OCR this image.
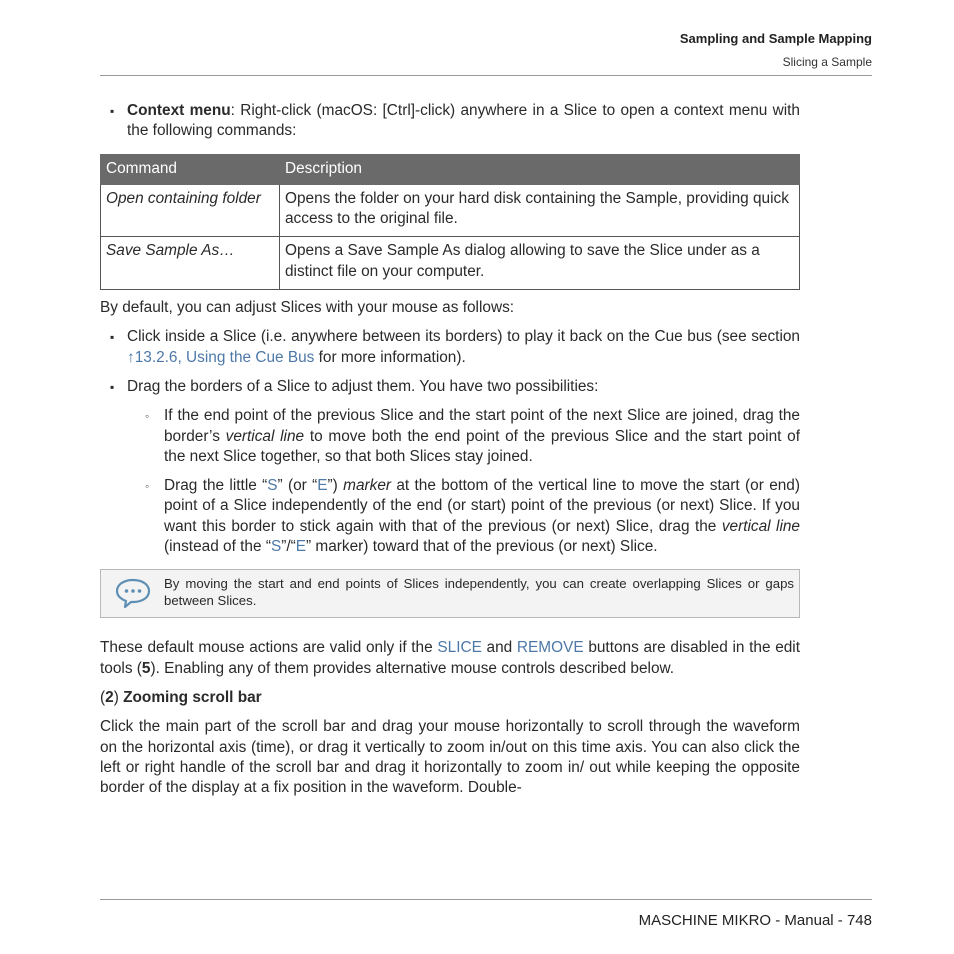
Sampling and Sample Mapping
Slicing a Sample
▪ Context menu: Right-click (macOS: [Ctrl]-click) anywhere in a Slice to open a context menu with the following commands:
Command	Description
Open containing folder	Opens the folder on your hard disk containing the Sample, providing quick access to the original file.
Save Sample As…	Opens a Save Sample As dialog allowing to save the Slice under as a distinct file on your computer.

By default, you can adjust Slices with your mouse as follows:

▪ Click inside a Slice (i.e. anywhere between its borders) to play it back on the Cue bus (see section ↑13.2.6, Using the Cue Bus for more information).
▪ Drag the borders of a Slice to adjust them. You have two possibilities:
◦ If the end point of the previous Slice and the start point of the next Slice are joined, drag the border’s vertical line to move both the end point of the previous Slice and the start point of the next Slice together, so that both Slices stay joined.
◦ Drag the little “S” (or “E”) marker at the bottom of the vertical line to move the start (or end) point of a Slice independently of the end (or start) point of the previous (or next) Slice. If you want this border to stick again with that of the previous (or next) Slice, drag the vertical line (instead of the “S”/“E” marker) toward that of the previous (or next) Slice.
By moving the start and end points of Slices independently, you can create overlapping Slices or gaps between Slices.

These default mouse actions are valid only if the SLICE and REMOVE buttons are disabled in the edit tools (5). Enabling any of them provides alternative mouse controls described below.

(2) Zooming scroll bar

Click the main part of the scroll bar and drag your mouse horizontally to scroll through the waveform on the horizontal axis (time), or drag it vertically to zoom in/out on this time axis. You can also click the left or right handle of the scroll bar and drag it horizontally to zoom in/ out while keeping the opposite border of the display at a fix position in the waveform. Double-

MASCHINE MIKRO - Manual - 748
